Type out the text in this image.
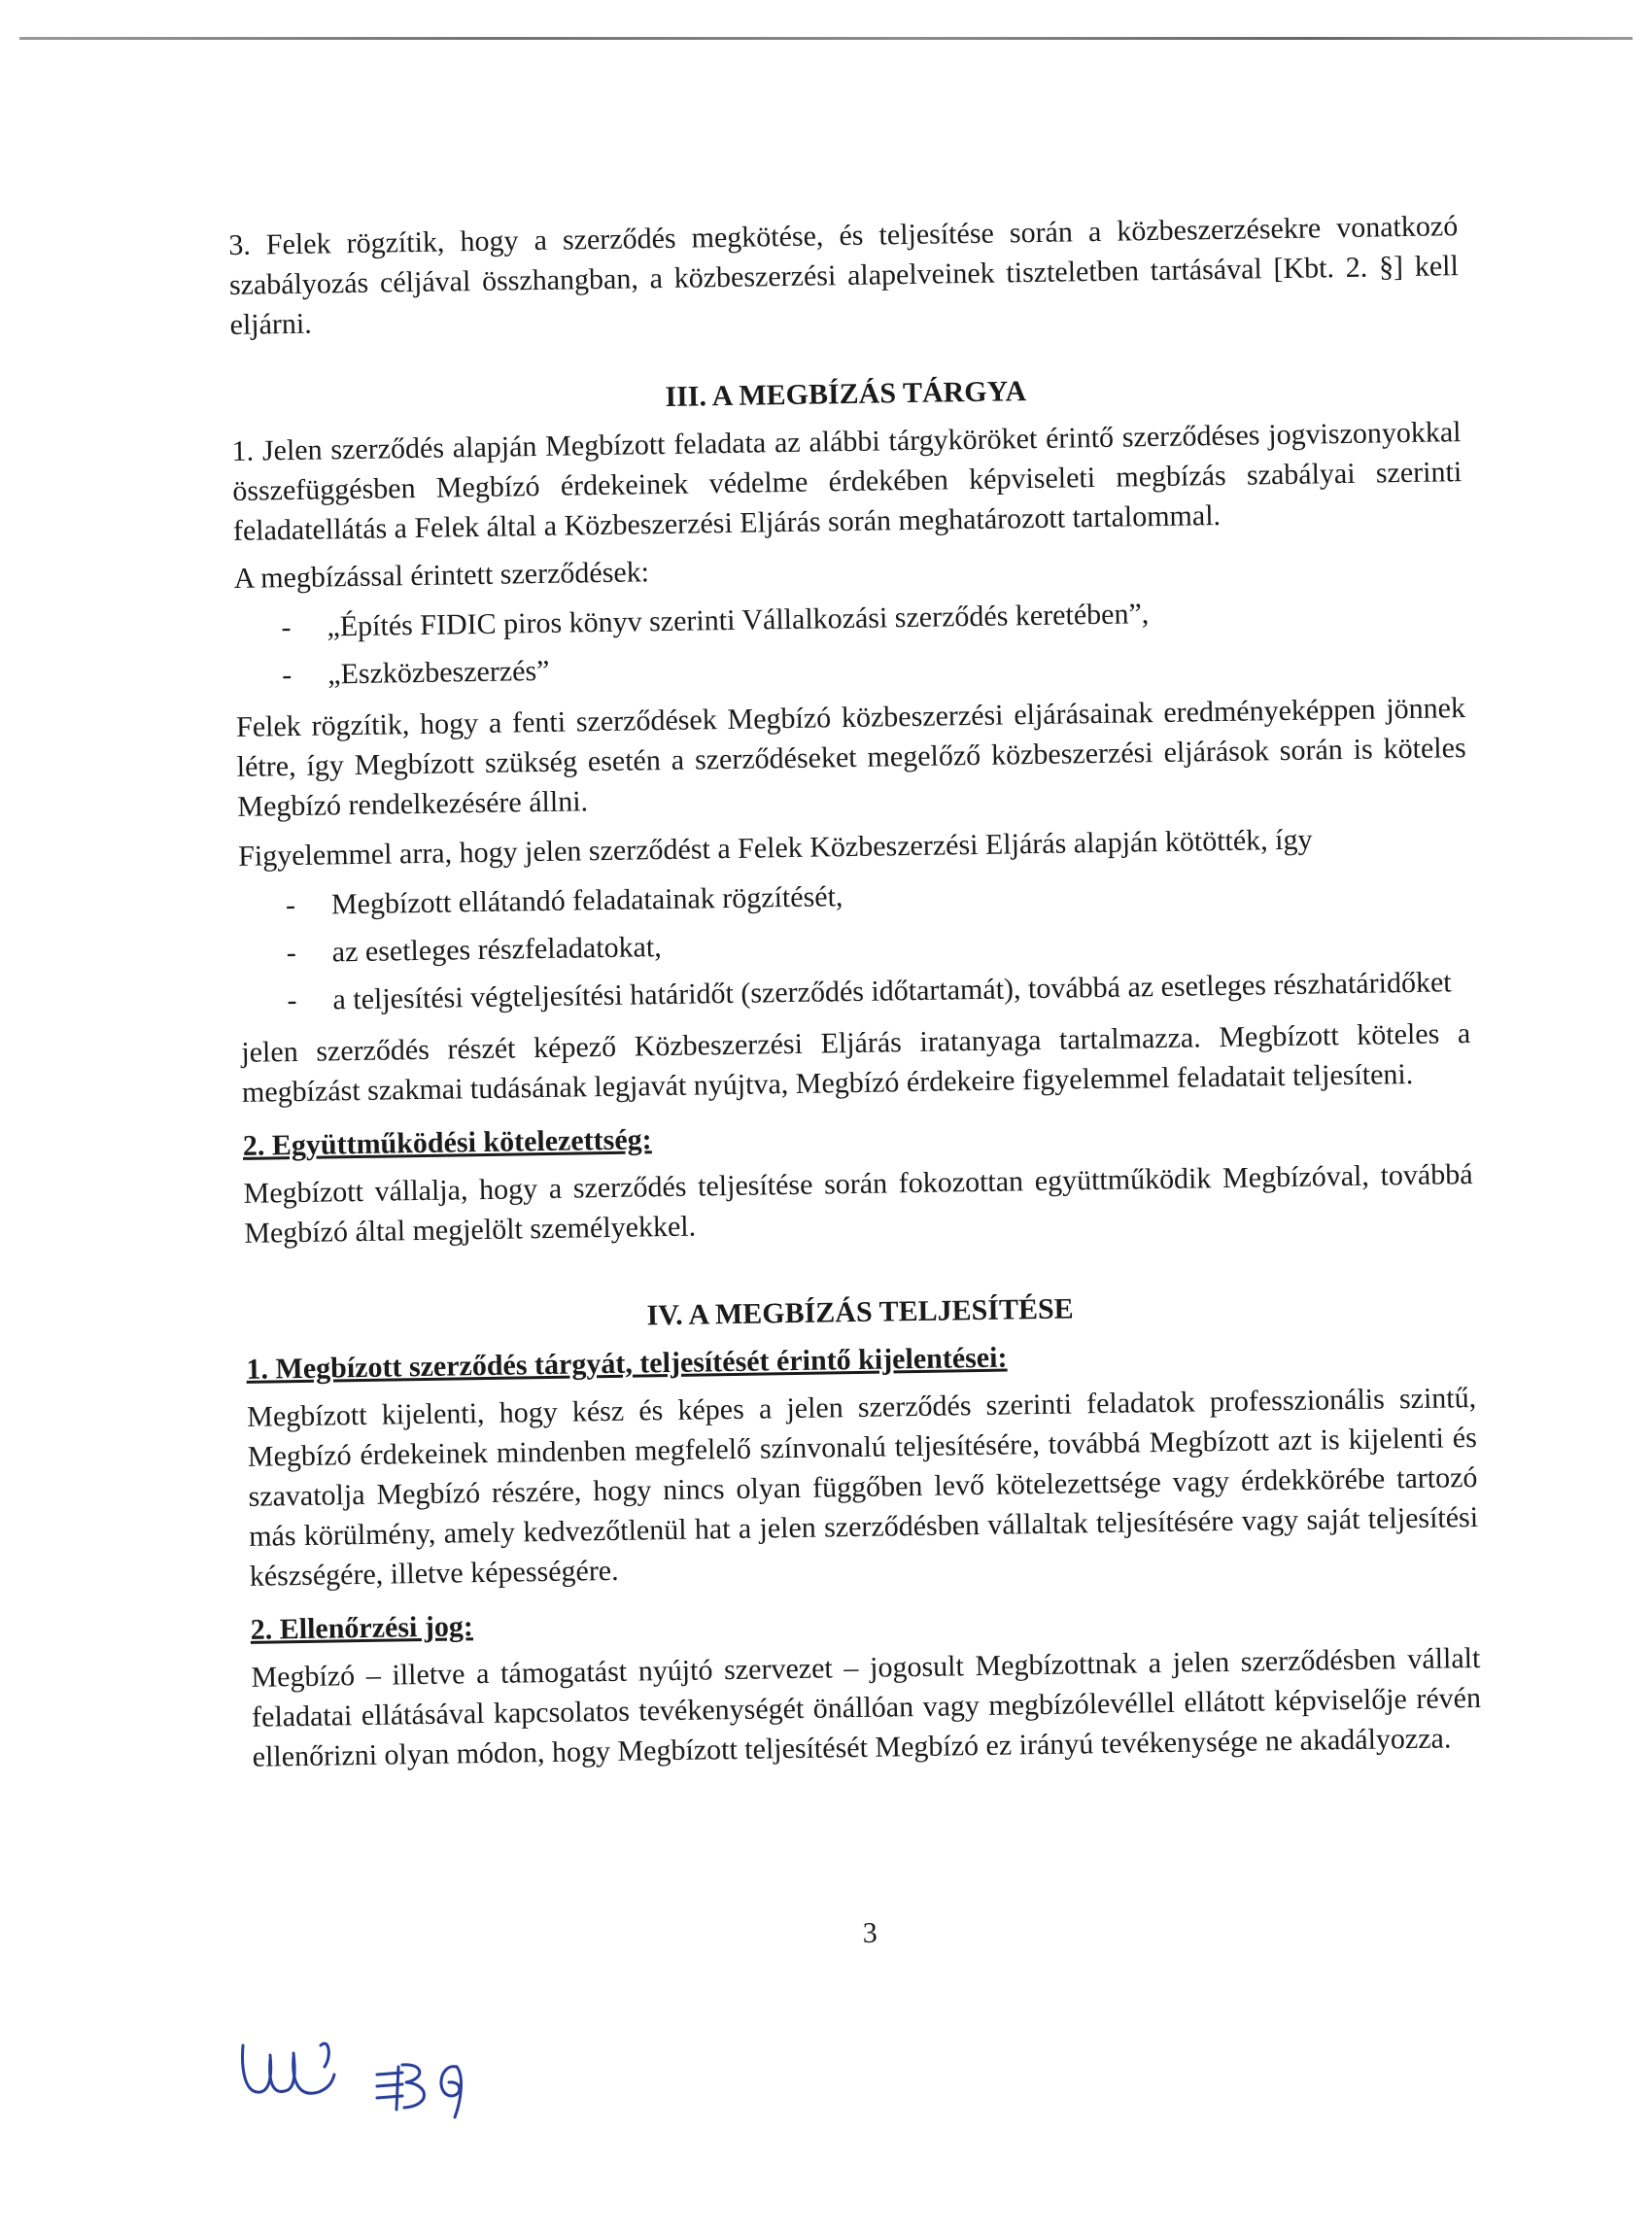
3. Felek rögzítik, hogy a szerződés megkötése, és teljesítése során a közbeszerzésekre vonatkozó szabályozás céljával összhangban, a közbeszerzési alapelveinek tiszteletben tartásával [Kbt. 2. §] kell eljárni.

III. A MEGBÍZÁS TÁRGYA

1. Jelen szerződés alapján Megbízott feladata az alábbi tárgyköröket érintő szerződéses jogviszonyokkal összefüggésben Megbízó érdekeinek védelme érdekében képviseleti megbízás szabályai szerinti feladatellátás a Felek által a Közbeszerzési Eljárás során meghatározott tartalommal.

A megbízással érintett szerződések:

- „Építés FIDIC piros könyv szerinti Vállalkozási szerződés keretében”,
- „Eszközbeszerzés”

Felek rögzítik, hogy a fenti szerződések Megbízó közbeszerzési eljárásainak eredményeképpen jönnek létre, így Megbízott szükség esetén a szerződéseket megelőző közbeszerzési eljárások során is köteles Megbízó rendelkezésére állni.

Figyelemmel arra, hogy jelen szerződést a Felek Közbeszerzési Eljárás alapján kötötték, így

- Megbízott ellátandó feladatainak rögzítését,
- az esetleges részfeladatokat,
- a teljesítési végteljesítési határidőt (szerződés időtartamát), továbbá az esetleges részhatáridőket

jelen szerződés részét képező Közbeszerzési Eljárás iratanyaga tartalmazza. Megbízott köteles a megbízást szakmai tudásának legjavát nyújtva, Megbízó érdekeire figyelemmel feladatait teljesíteni.

2. Együttműködési kötelezettség:

Megbízott vállalja, hogy a szerződés teljesítése során fokozottan együttműködik Megbízóval, továbbá Megbízó által megjelölt személyekkel.

IV. A MEGBÍZÁS TELJESÍTÉSE

1. Megbízott szerződés tárgyát, teljesítését érintő kijelentései:

Megbízott kijelenti, hogy kész és képes a jelen szerződés szerinti feladatok professzionális szintű, Megbízó érdekeinek mindenben megfelelő színvonalú teljesítésére, továbbá Megbízott azt is kijelenti és szavatolja Megbízó részére, hogy nincs olyan függőben levő kötelezettsége vagy érdekkörébe tartozó más körülmény, amely kedvezőtlenül hat a jelen szerződésben vállaltak teljesítésére vagy saját teljesítési készségére, illetve képességére.

2. Ellenőrzési jog:

Megbízó – illetve a támogatást nyújtó szervezet – jogosult Megbízottnak a jelen szerződésben vállalt feladatai ellátásával kapcsolatos tevékenységét önállóan vagy megbízólevéllel ellátott képviselője révén ellenőrizni olyan módon, hogy Megbízott teljesítését Megbízó ez irányú tevékenysége ne akadályozza.

3
